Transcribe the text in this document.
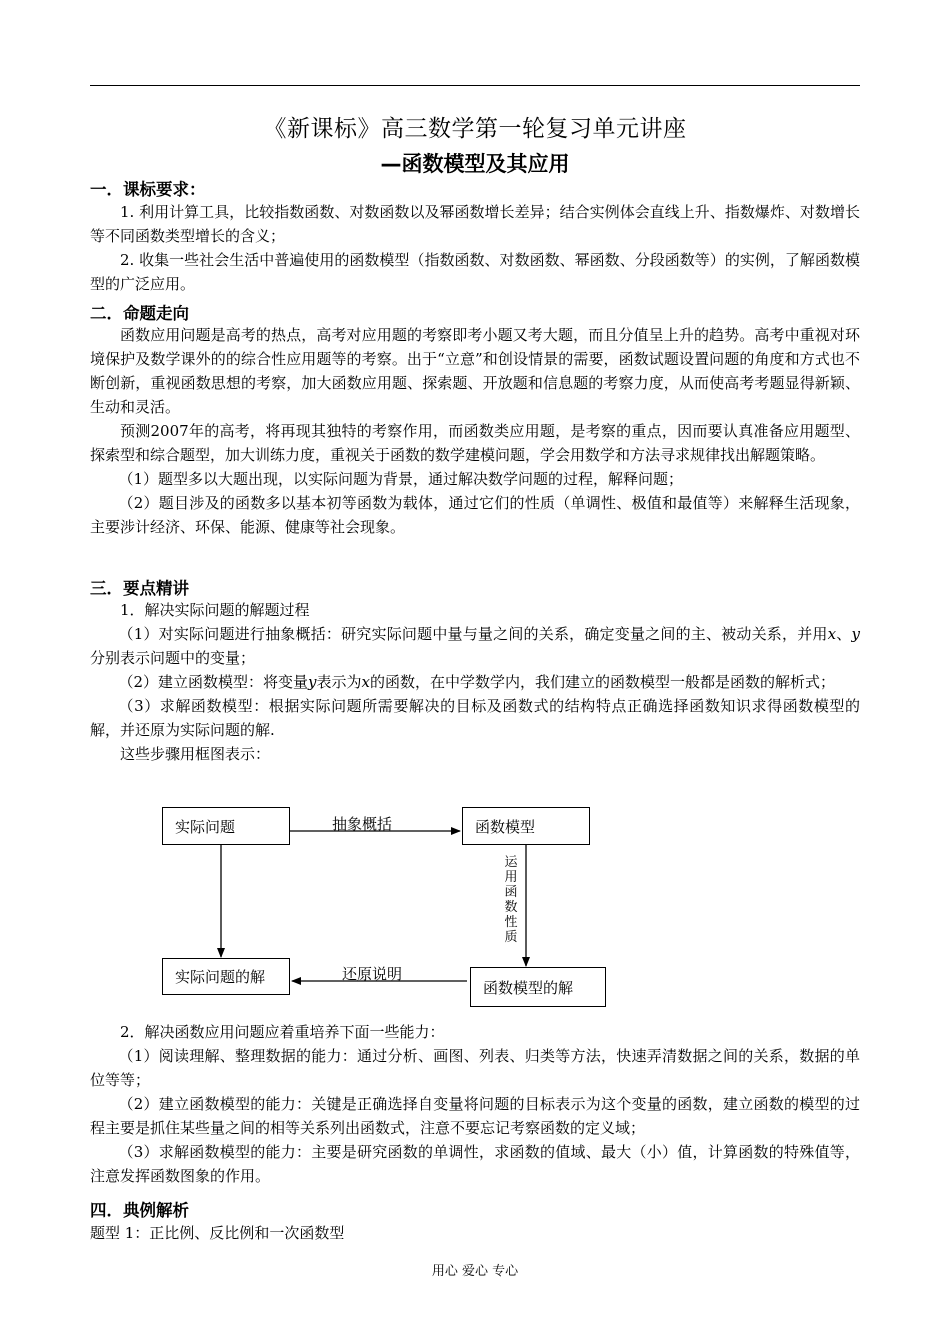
《新课标》高三数学第一轮复习单元讲座
—函数模型及其应用
一．课标要求：

1. 利用计算工具，比较指数函数、对数函数以及幂函数增长差异；结合实例体会直线上升、指数爆炸、对数增长等不同函数类型增长的含义；

2. 收集一些社会生活中普遍使用的函数模型（指数函数、对数函数、幂函数、分段函数等）的实例，了解函数模型的广泛应用。

二．命题走向

函数应用问题是高考的热点，高考对应用题的考察即考小题又考大题，而且分值呈上升的趋势。高考中重视对环境保护及数学课外的的综合性应用题等的考察。出于“立意”和创设情景的需要，函数试题设置问题的角度和方式也不断创新，重视函数思想的考察，加大函数应用题、探索题、开放题和信息题的考察力度，从而使高考考题显得新颖、生动和灵活。

预测2007年的高考，将再现其独特的考察作用，而函数类应用题，是考察的重点，因而要认真准备应用题型、探索型和综合题型，加大训练力度，重视关于函数的数学建模问题，学会用数学和方法寻求规律找出解题策略。

（1）题型多以大题出现，以实际问题为背景，通过解决数学问题的过程，解释问题；

（2）题目涉及的函数多以基本初等函数为载体，通过它们的性质（单调性、极值和最值等）来解释生活现象，主要涉计经济、环保、能源、健康等社会现象。

三．要点精讲

1．解决实际问题的解题过程

（1）对实际问题进行抽象概括：研究实际问题中量与量之间的关系，确定变量之间的主、被动关系，并用x、y分别表示问题中的变量；

（2）建立函数模型：将变量y表示为x的函数，在中学数学内，我们建立的函数模型一般都是函数的解析式；

（3）求解函数模型：根据实际问题所需要解决的目标及函数式的结构特点正确选择函数知识求得函数模型的解，并还原为实际问题的解.

这些步骤用框图表示：

实际问题	函数模型
实际问题的解
函数模型的解
抽象概括
还原说明
运
用
函
数
性
质

2．解决函数应用问题应着重培养下面一些能力：

（1）阅读理解、整理数据的能力：通过分析、画图、列表、归类等方法，快速弄清数据之间的关系，数据的单位等等；

（2）建立函数模型的能力：关键是正确选择自变量将问题的目标表示为这个变量的函数，建立函数的模型的过程主要是抓住某些量之间的相等关系列出函数式，注意不要忘记考察函数的定义域；

（3）求解函数模型的能力：主要是研究函数的单调性，求函数的值域、最大（小）值，计算函数的特殊值等，注意发挥函数图象的作用。

四．典例解析
题型 1：正比例、反比例和一次函数型
用心 爱心 专心
